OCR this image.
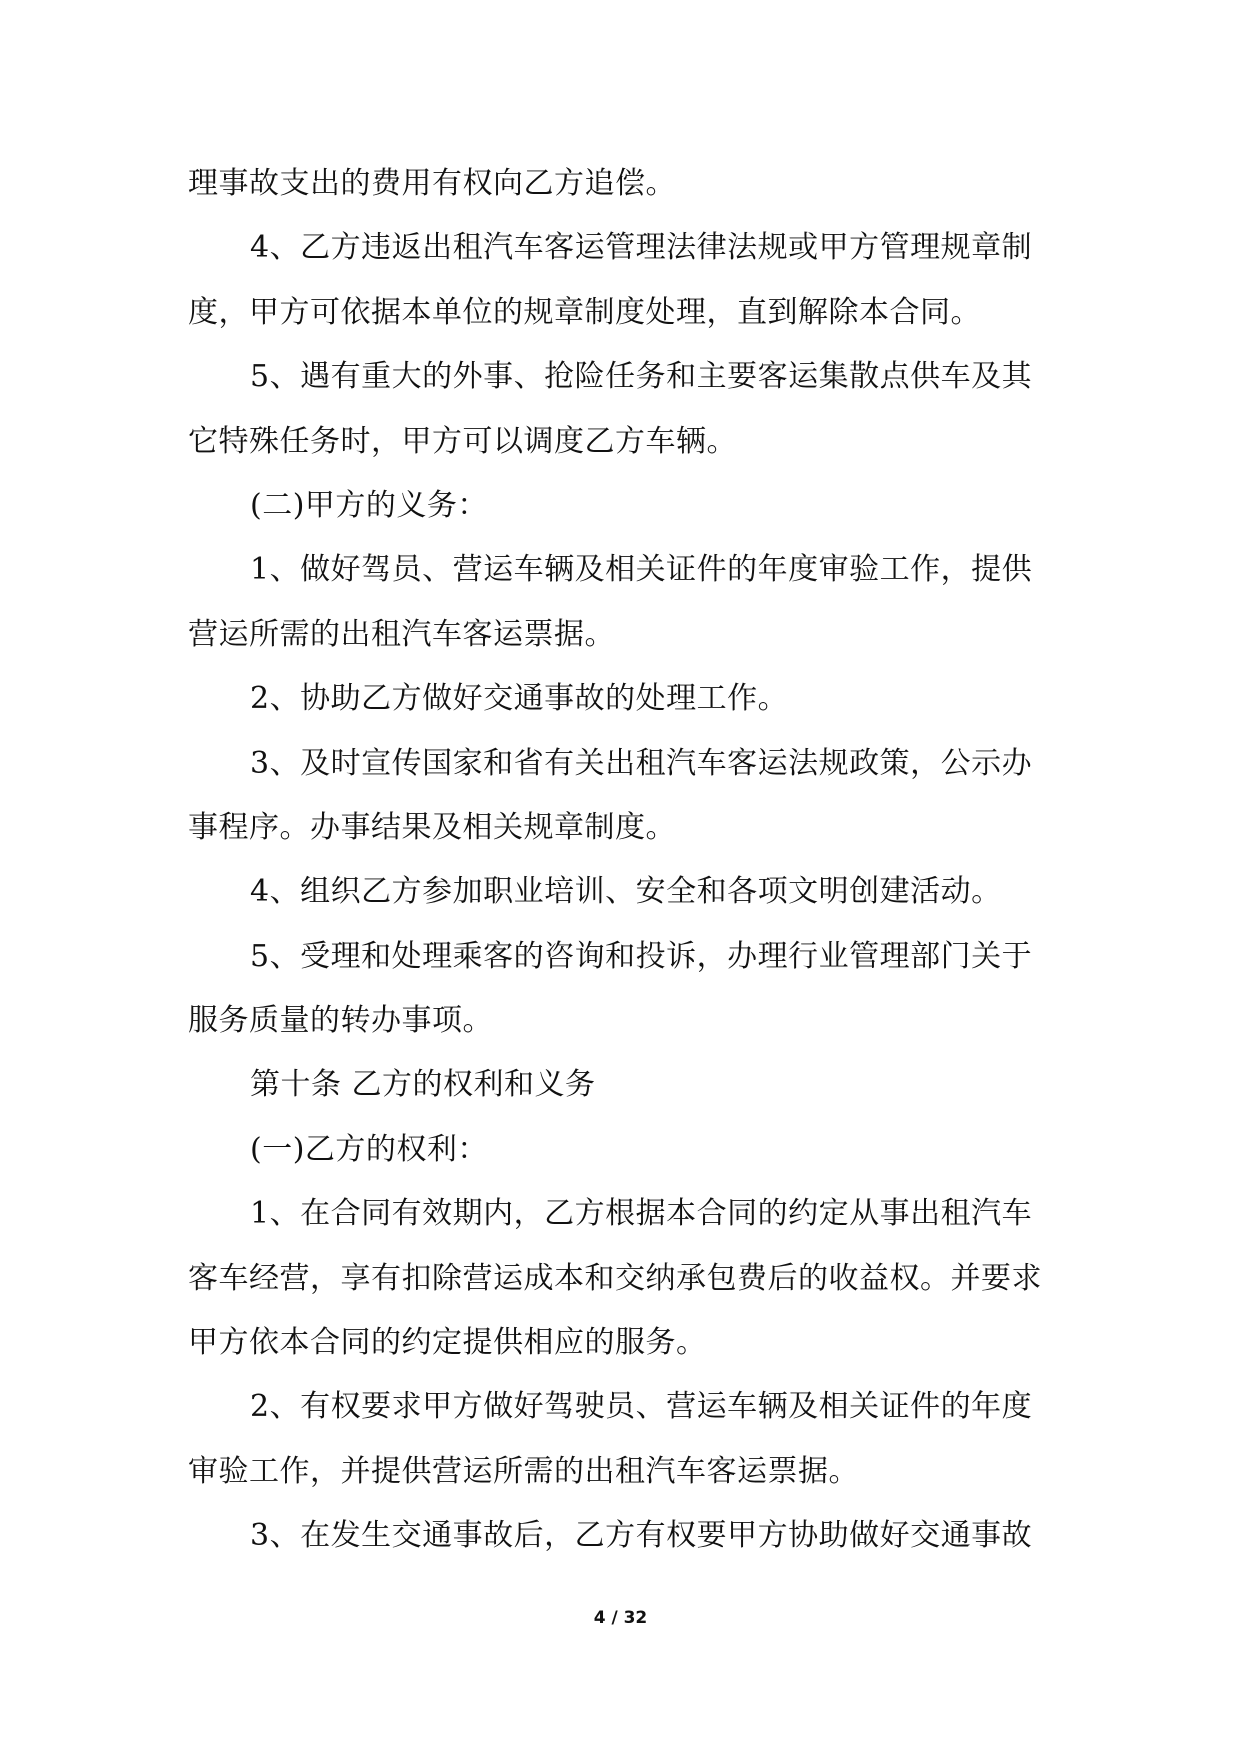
理事故支出的费用有权向乙方追偿。
4、乙方违返出租汽车客运管理法律法规或甲方管理规章制
度，甲方可依据本单位的规章制度处理，直到解除本合同。
5、遇有重大的外事、抢险任务和主要客运集散点供车及其
它特殊任务时，甲方可以调度乙方车辆。
(二)甲方的义务：
1、做好驾员、营运车辆及相关证件的年度审验工作，提供
营运所需的出租汽车客运票据。
2、协助乙方做好交通事故的处理工作。
3、及时宣传国家和省有关出租汽车客运法规政策，公示办
事程序。办事结果及相关规章制度。
4、组织乙方参加职业培训、安全和各项文明创建活动。
5、受理和处理乘客的咨询和投诉，办理行业管理部门关于
服务质量的转办事项。
第十条 乙方的权利和义务
(一)乙方的权利：
1、在合同有效期内，乙方根据本合同的约定从事出租汽车
客车经营，享有扣除营运成本和交纳承包费后的收益权。并要求
甲方依本合同的约定提供相应的服务。
2、有权要求甲方做好驾驶员、营运车辆及相关证件的年度
审验工作，并提供营运所需的出租汽车客运票据。
3、在发生交通事故后，乙方有权要甲方协助做好交通事故
4 / 32
